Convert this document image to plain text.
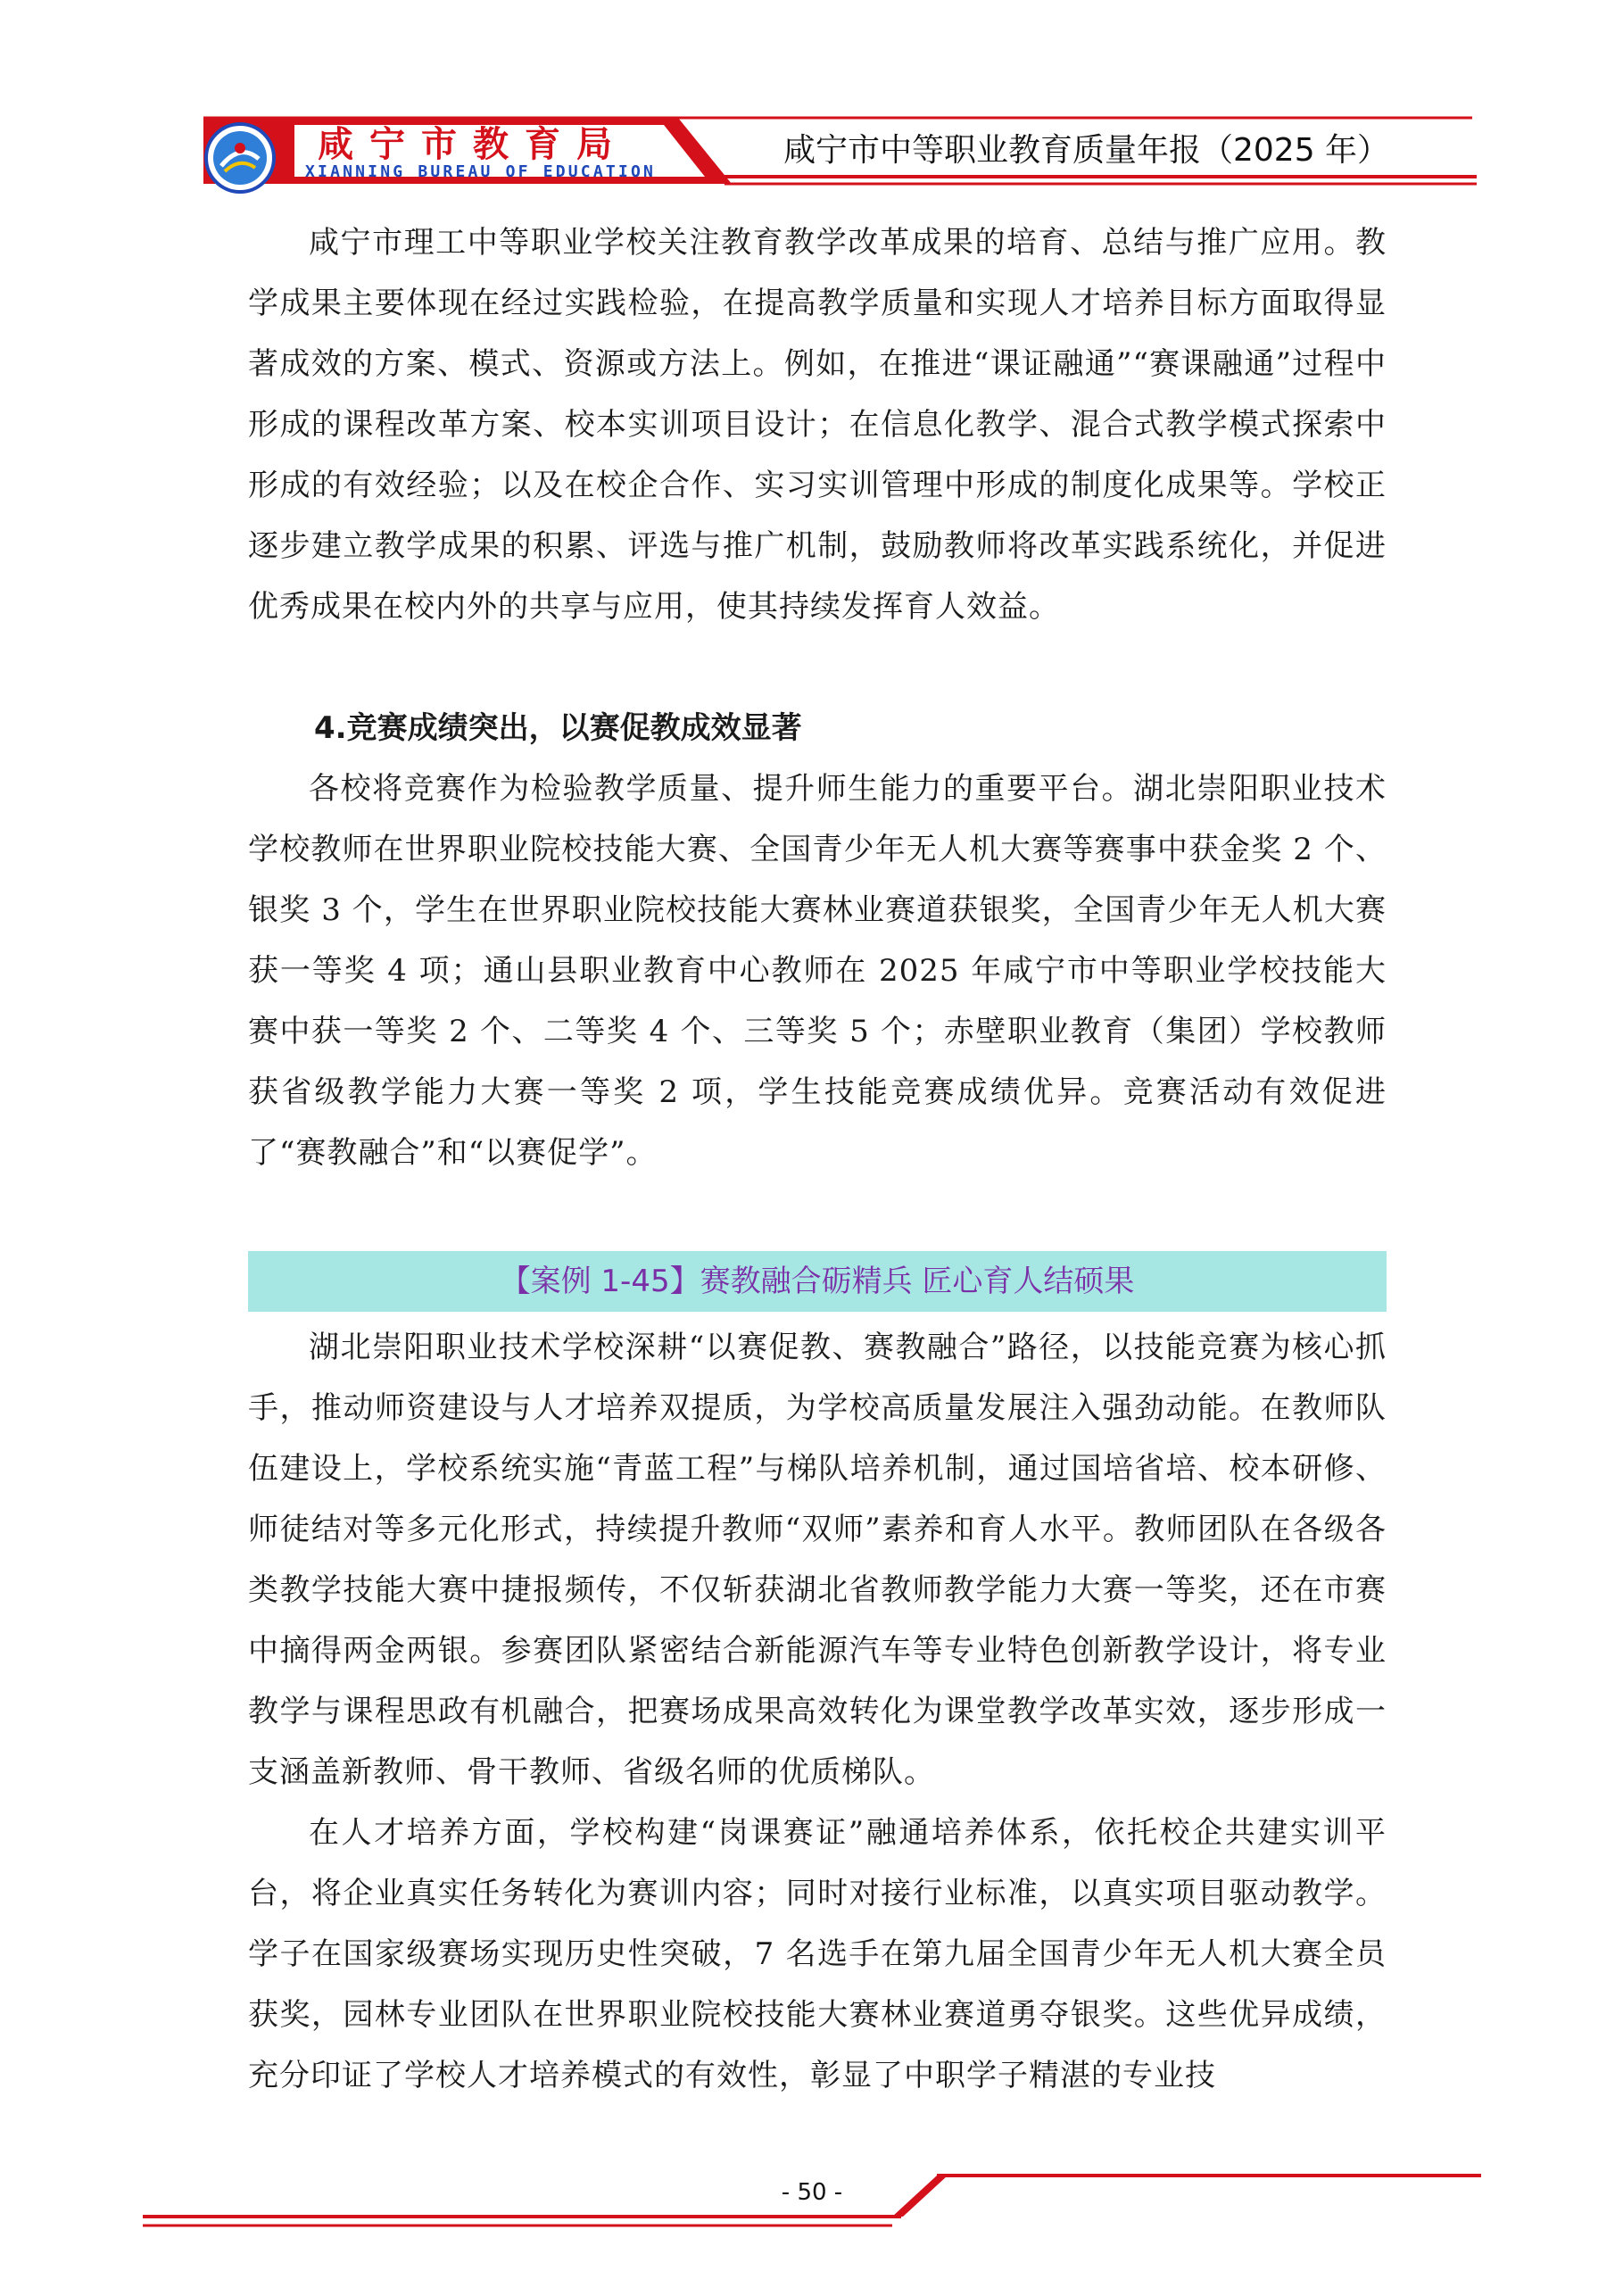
咸宁市教育局
XIANNING BUREAU OF EDUCATION
咸宁市中等职业教育质量年报（2025 年）

咸宁市理工中等职业学校关注教育教学改革成果的培育、总结与推广应用。教学成果主要体现在经过实践检验，在提高教学质量和实现人才培养目标方面取得显著成效的方案、模式、资源或方法上。例如，在推进“课证融通”“赛课融通”过程中形成的课程改革方案、校本实训项目设计；在信息化教学、混合式教学模式探索中形成的有效经验；以及在校企合作、实习实训管理中形成的制度化成果等。学校正逐步建立教学成果的积累、评选与推广机制，鼓励教师将改革实践系统化，并促进优秀成果在校内外的共享与应用，使其持续发挥育人效益。

4.竞赛成绩突出，以赛促教成效显著

各校将竞赛作为检验教学质量、提升师生能力的重要平台。湖北崇阳职业技术学校教师在世界职业院校技能大赛、全国青少年无人机大赛等赛事中获金奖 2 个、银奖 3 个，学生在世界职业院校技能大赛林业赛道获银奖，全国青少年无人机大赛获一等奖 4 项；通山县职业教育中心教师在 2025 年咸宁市中等职业学校技能大赛中获一等奖 2 个、二等奖 4 个、三等奖 5 个；赤壁职业教育（集团）学校教师获省级教学能力大赛一等奖 2 项，学生技能竞赛成绩优异。竞赛活动有效促进了“赛教融合”和“以赛促学”。

【案例 1-45】赛教融合砺精兵 匠心育人结硕果

湖北崇阳职业技术学校深耕“以赛促教、赛教融合”路径，以技能竞赛为核心抓手，推动师资建设与人才培养双提质，为学校高质量发展注入强劲动能。在教师队伍建设上，学校系统实施“青蓝工程”与梯队培养机制，通过国培省培、校本研修、师徒结对等多元化形式，持续提升教师“双师”素养和育人水平。教师团队在各级各类教学技能大赛中捷报频传，不仅斩获湖北省教师教学能力大赛一等奖，还在市赛中摘得两金两银。参赛团队紧密结合新能源汽车等专业特色创新教学设计，将专业教学与课程思政有机融合，把赛场成果高效转化为课堂教学改革实效，逐步形成一支涵盖新教师、骨干教师、省级名师的优质梯队。

在人才培养方面，学校构建“岗课赛证”融通培养体系，依托校企共建实训平台，将企业真实任务转化为赛训内容；同时对接行业标准，以真实项目驱动教学。学子在国家级赛场实现历史性突破，7 名选手在第九届全国青少年无人机大赛全员获奖，园林专业团队在世界职业院校技能大赛林业赛道勇夺银奖。这些优异成绩，充分印证了学校人才培养模式的有效性，彰显了中职学子精湛的专业技

- 50 -
